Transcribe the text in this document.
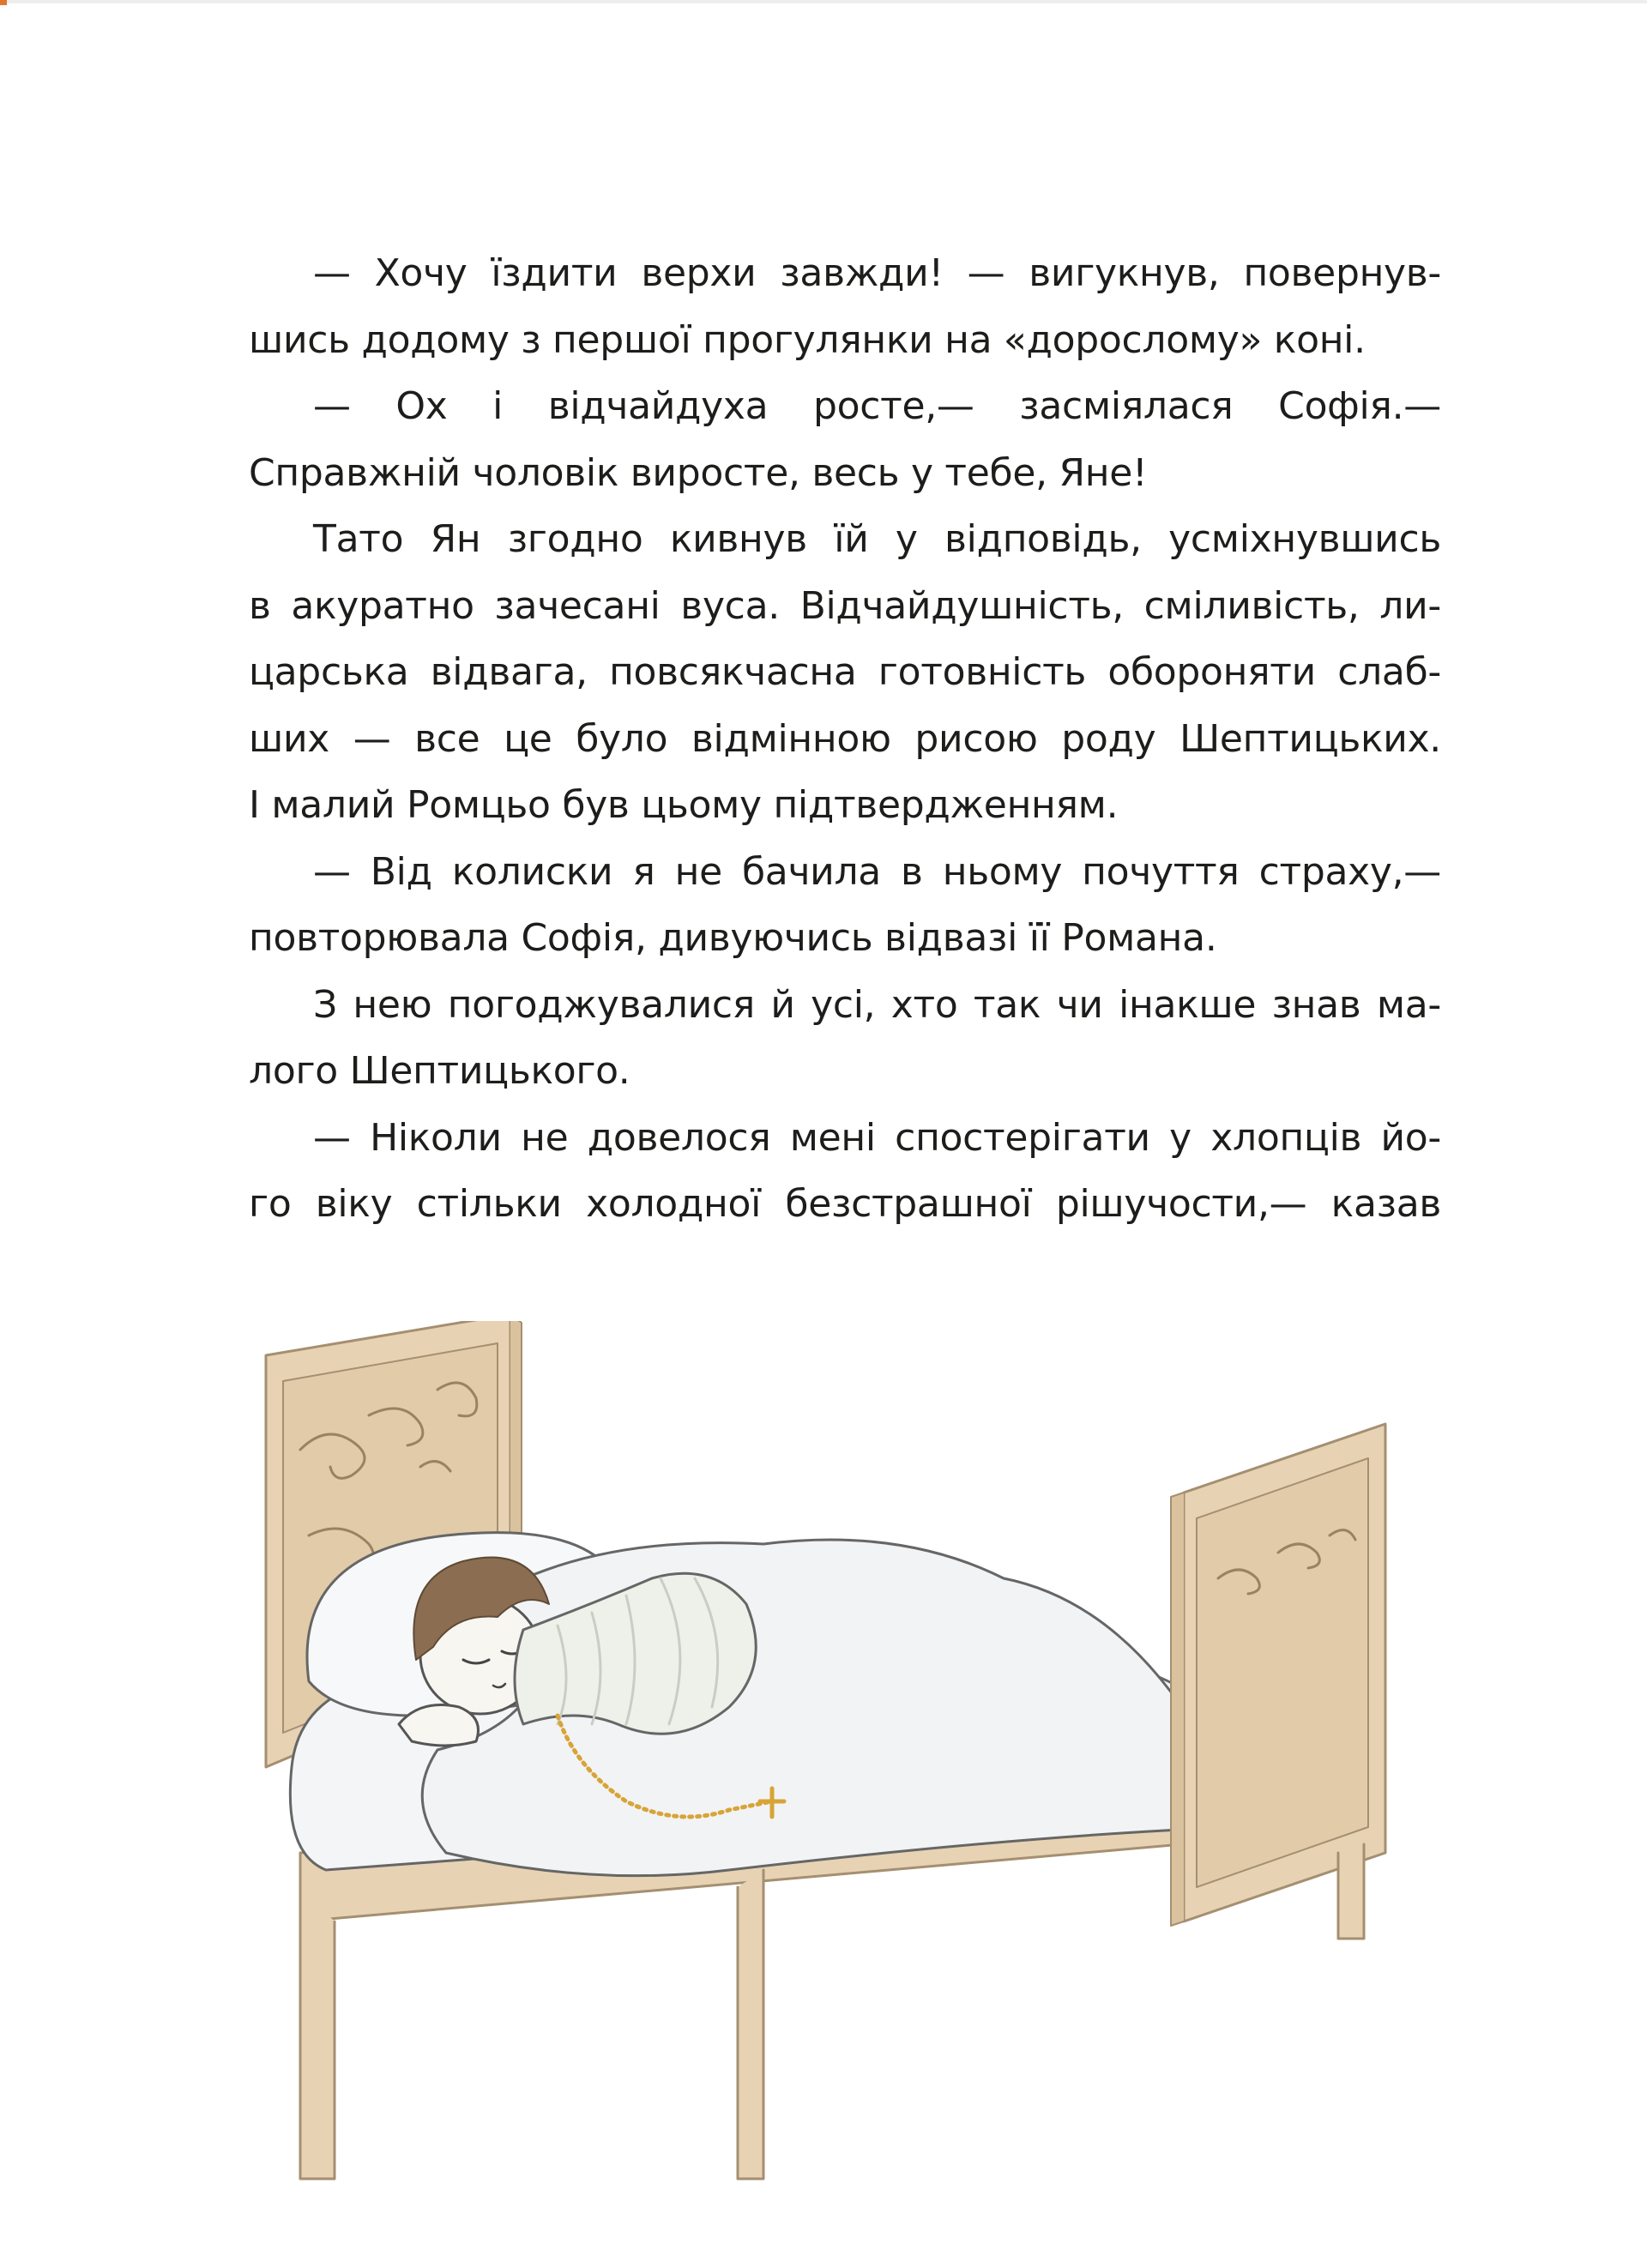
— Хочу їздити верхи завжди! — вигукнув, повернув-
шись додому з першої прогулянки на «дорослому» коні.
— Ох і відчайдуха росте,— засміялася Софія.—
Справжній чоловік виросте, весь у тебе, Яне!
Тато Ян згодно кивнув їй у відповідь, усміхнувшись
в акуратно зачесані вуса. Відчайдушність, сміливість, ли-
царська відвага, повсякчасна готовність обороняти слаб-
ших — все це було відмінною рисою роду Шептицьких.
І малий Ромцьо був цьому підтвердженням.
— Від колиски я не бачила в ньому почуття страху,—
повторювала Софія, дивуючись відвазі її Романа.
З нею погоджувалися й усі, хто так чи інакше знав ма-
лого Шептицького.
— Ніколи не довелося мені спостерігати у хлопців йо-
го віку стільки холодної безстрашної рішучости,— казав
